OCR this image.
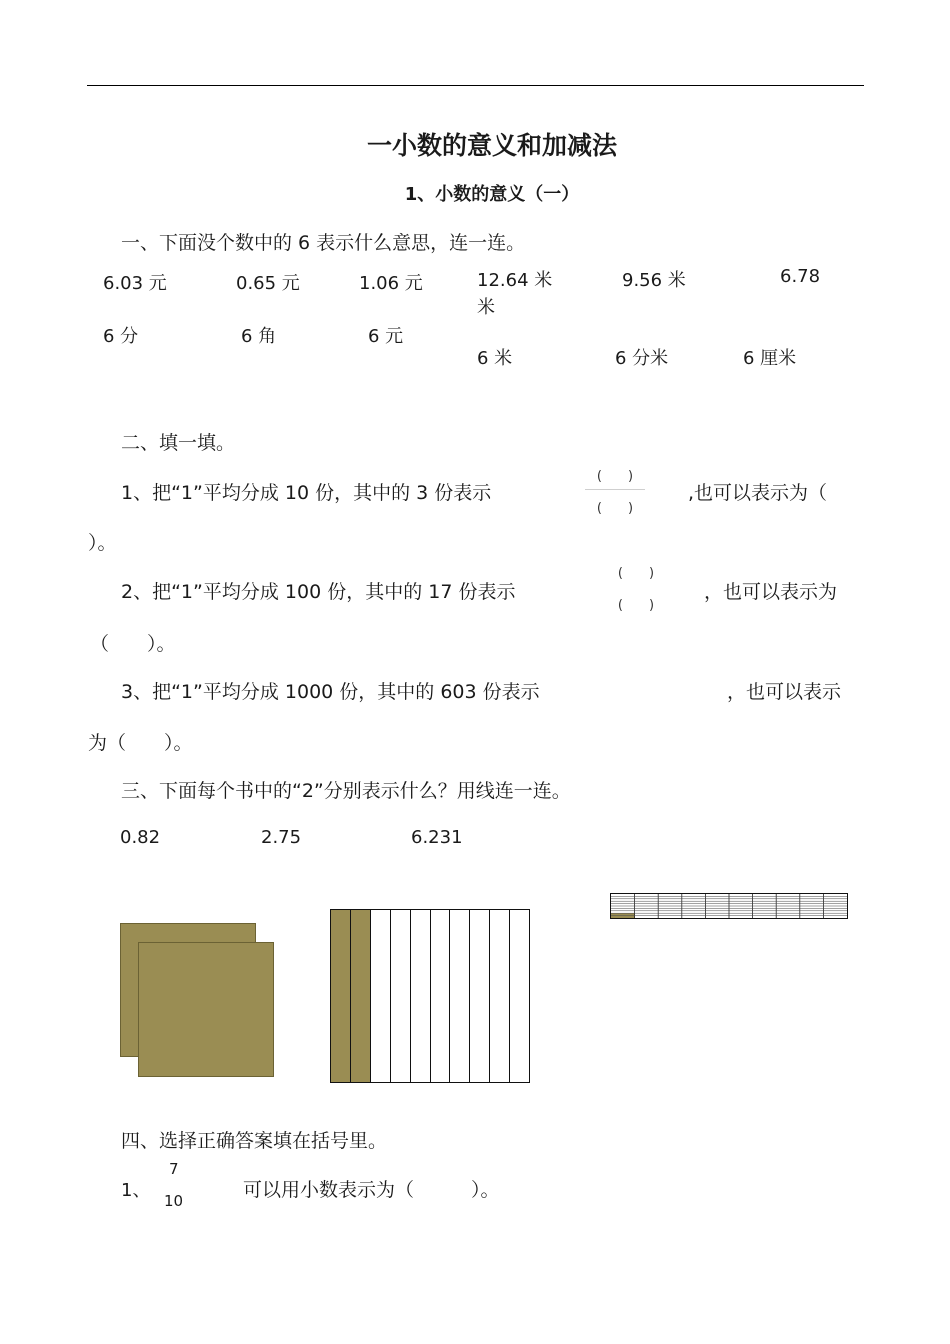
一小数的意义和加减法
1、小数的意义（一）
一、下面没个数中的 6 表示什么意思，连一连。
6.03 元	0.65 元	1.06 元	12.64 米
米
9.56 米	6.78
6 分	6 角	6 元
6 米	6 分米	6 厘米
二、填一填。
1、把“1”平均分成 10 份，其中的 3 份表示
(　　)
(　　)
,也可以表示为（
）。
2、把“1”平均分成 100 份，其中的 17 份表示
(　　)
(　　)
，也可以表示为
（　　）。
3、把“1”平均分成 1000 份，其中的 603 份表示	，也可以表示
为（　　）。
三、下面每个书中的“2”分别表示什么？用线连一连。
0.82	2.75	6.231
四、选择正确答案填在括号里。
1、
7
10	可以用小数表示为（　　　）。
